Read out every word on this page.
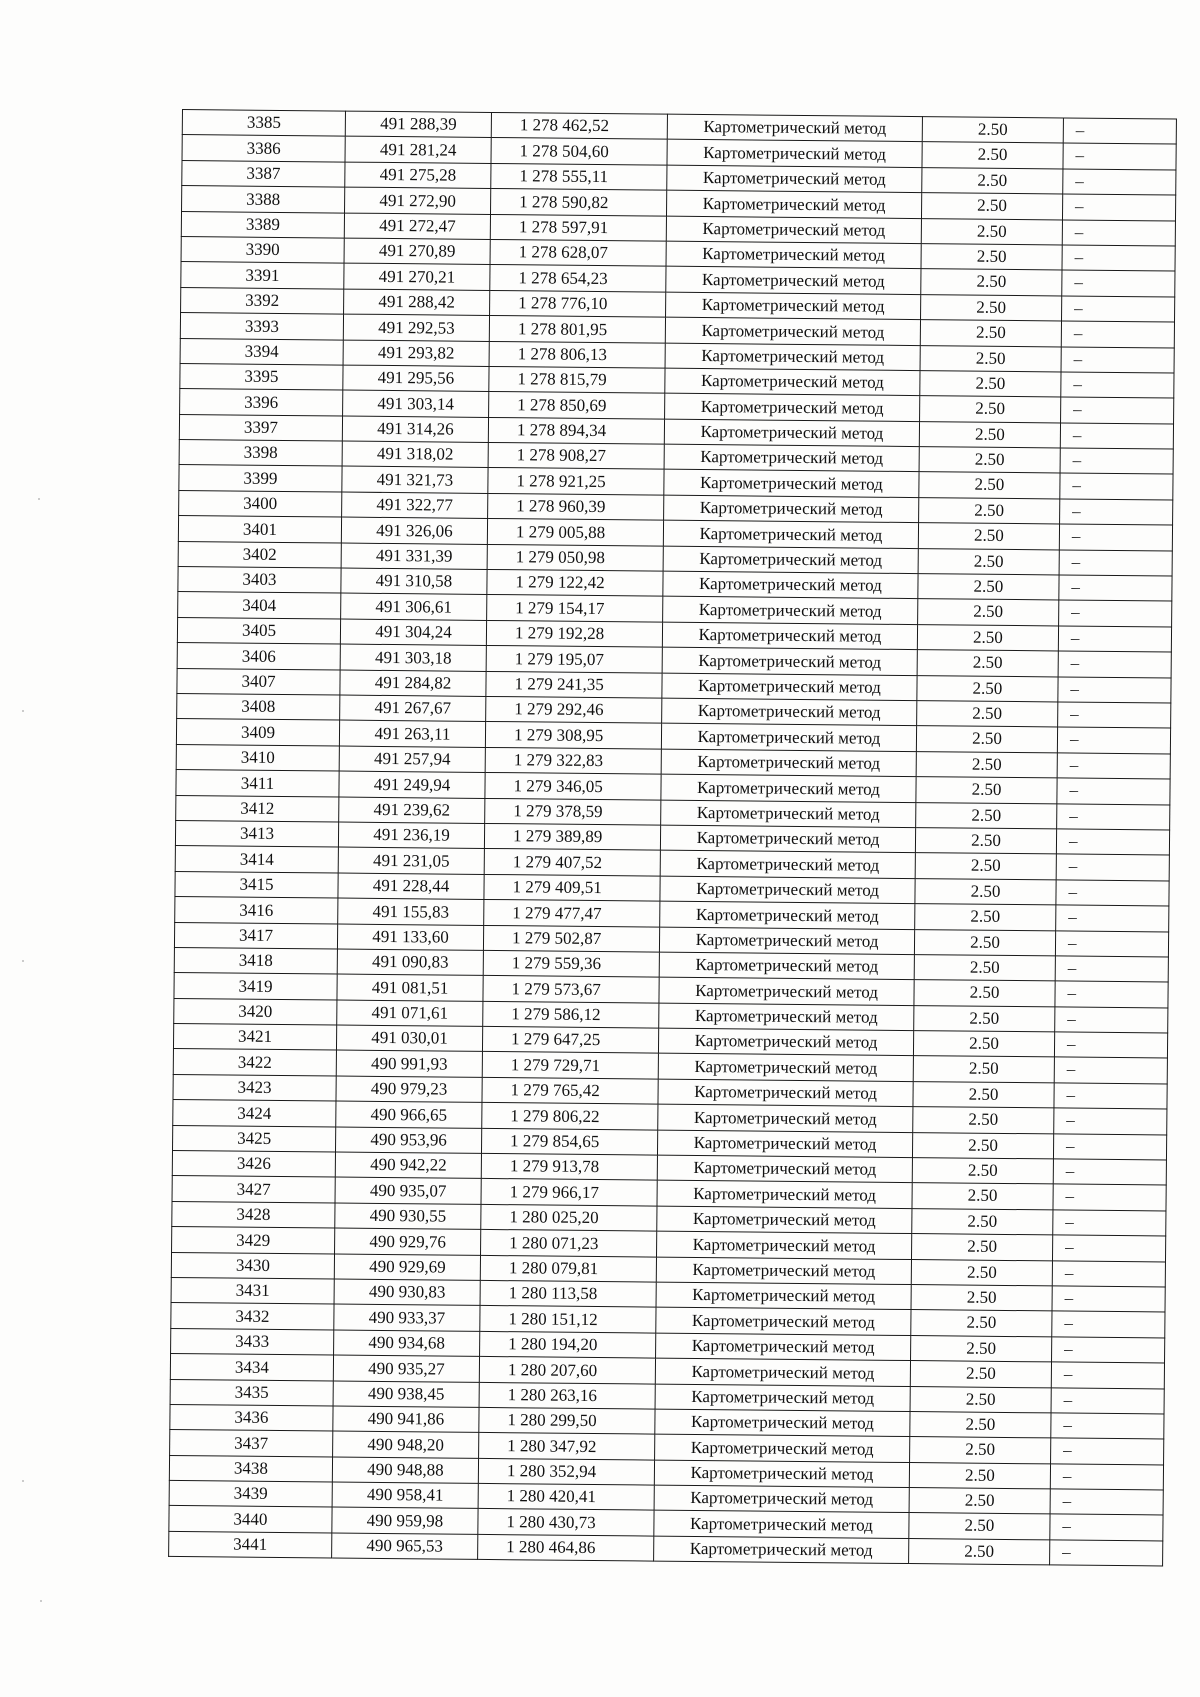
3385	491 288,39	1 278 462,52	Картометрический метод	2.50	–
3386	491 281,24	1 278 504,60	Картометрический метод	2.50	–
3387	491 275,28	1 278 555,11	Картометрический метод	2.50	–
3388	491 272,90	1 278 590,82	Картометрический метод	2.50	–
3389	491 272,47	1 278 597,91	Картометрический метод	2.50	–
3390	491 270,89	1 278 628,07	Картометрический метод	2.50	–
3391	491 270,21	1 278 654,23	Картометрический метод	2.50	–
3392	491 288,42	1 278 776,10	Картометрический метод	2.50	–
3393	491 292,53	1 278 801,95	Картометрический метод	2.50	–
3394	491 293,82	1 278 806,13	Картометрический метод	2.50	–
3395	491 295,56	1 278 815,79	Картометрический метод	2.50	–
3396	491 303,14	1 278 850,69	Картометрический метод	2.50	–
3397	491 314,26	1 278 894,34	Картометрический метод	2.50	–
3398	491 318,02	1 278 908,27	Картометрический метод	2.50	–
3399	491 321,73	1 278 921,25	Картометрический метод	2.50	–
3400	491 322,77	1 278 960,39	Картометрический метод	2.50	–
3401	491 326,06	1 279 005,88	Картометрический метод	2.50	–
3402	491 331,39	1 279 050,98	Картометрический метод	2.50	–
3403	491 310,58	1 279 122,42	Картометрический метод	2.50	–
3404	491 306,61	1 279 154,17	Картометрический метод	2.50	–
3405	491 304,24	1 279 192,28	Картометрический метод	2.50	–
3406	491 303,18	1 279 195,07	Картометрический метод	2.50	–
3407	491 284,82	1 279 241,35	Картометрический метод	2.50	–
3408	491 267,67	1 279 292,46	Картометрический метод	2.50	–
3409	491 263,11	1 279 308,95	Картометрический метод	2.50	–
3410	491 257,94	1 279 322,83	Картометрический метод	2.50	–
3411	491 249,94	1 279 346,05	Картометрический метод	2.50	–
3412	491 239,62	1 279 378,59	Картометрический метод	2.50	–
3413	491 236,19	1 279 389,89	Картометрический метод	2.50	–
3414	491 231,05	1 279 407,52	Картометрический метод	2.50	–
3415	491 228,44	1 279 409,51	Картометрический метод	2.50	–
3416	491 155,83	1 279 477,47	Картометрический метод	2.50	–
3417	491 133,60	1 279 502,87	Картометрический метод	2.50	–
3418	491 090,83	1 279 559,36	Картометрический метод	2.50	–
3419	491 081,51	1 279 573,67	Картометрический метод	2.50	–
3420	491 071,61	1 279 586,12	Картометрический метод	2.50	–
3421	491 030,01	1 279 647,25	Картометрический метод	2.50	–
3422	490 991,93	1 279 729,71	Картометрический метод	2.50	–
3423	490 979,23	1 279 765,42	Картометрический метод	2.50	–
3424	490 966,65	1 279 806,22	Картометрический метод	2.50	–
3425	490 953,96	1 279 854,65	Картометрический метод	2.50	–
3426	490 942,22	1 279 913,78	Картометрический метод	2.50	–
3427	490 935,07	1 279 966,17	Картометрический метод	2.50	–
3428	490 930,55	1 280 025,20	Картометрический метод	2.50	–
3429	490 929,76	1 280 071,23	Картометрический метод	2.50	–
3430	490 929,69	1 280 079,81	Картометрический метод	2.50	–
3431	490 930,83	1 280 113,58	Картометрический метод	2.50	–
3432	490 933,37	1 280 151,12	Картометрический метод	2.50	–
3433	490 934,68	1 280 194,20	Картометрический метод	2.50	–
3434	490 935,27	1 280 207,60	Картометрический метод	2.50	–
3435	490 938,45	1 280 263,16	Картометрический метод	2.50	–
3436	490 941,86	1 280 299,50	Картометрический метод	2.50	–
3437	490 948,20	1 280 347,92	Картометрический метод	2.50	–
3438	490 948,88	1 280 352,94	Картометрический метод	2.50	–
3439	490 958,41	1 280 420,41	Картометрический метод	2.50	–
3440	490 959,98	1 280 430,73	Картометрический метод	2.50	–
3441	490 965,53	1 280 464,86	Картометрический метод	2.50	–
